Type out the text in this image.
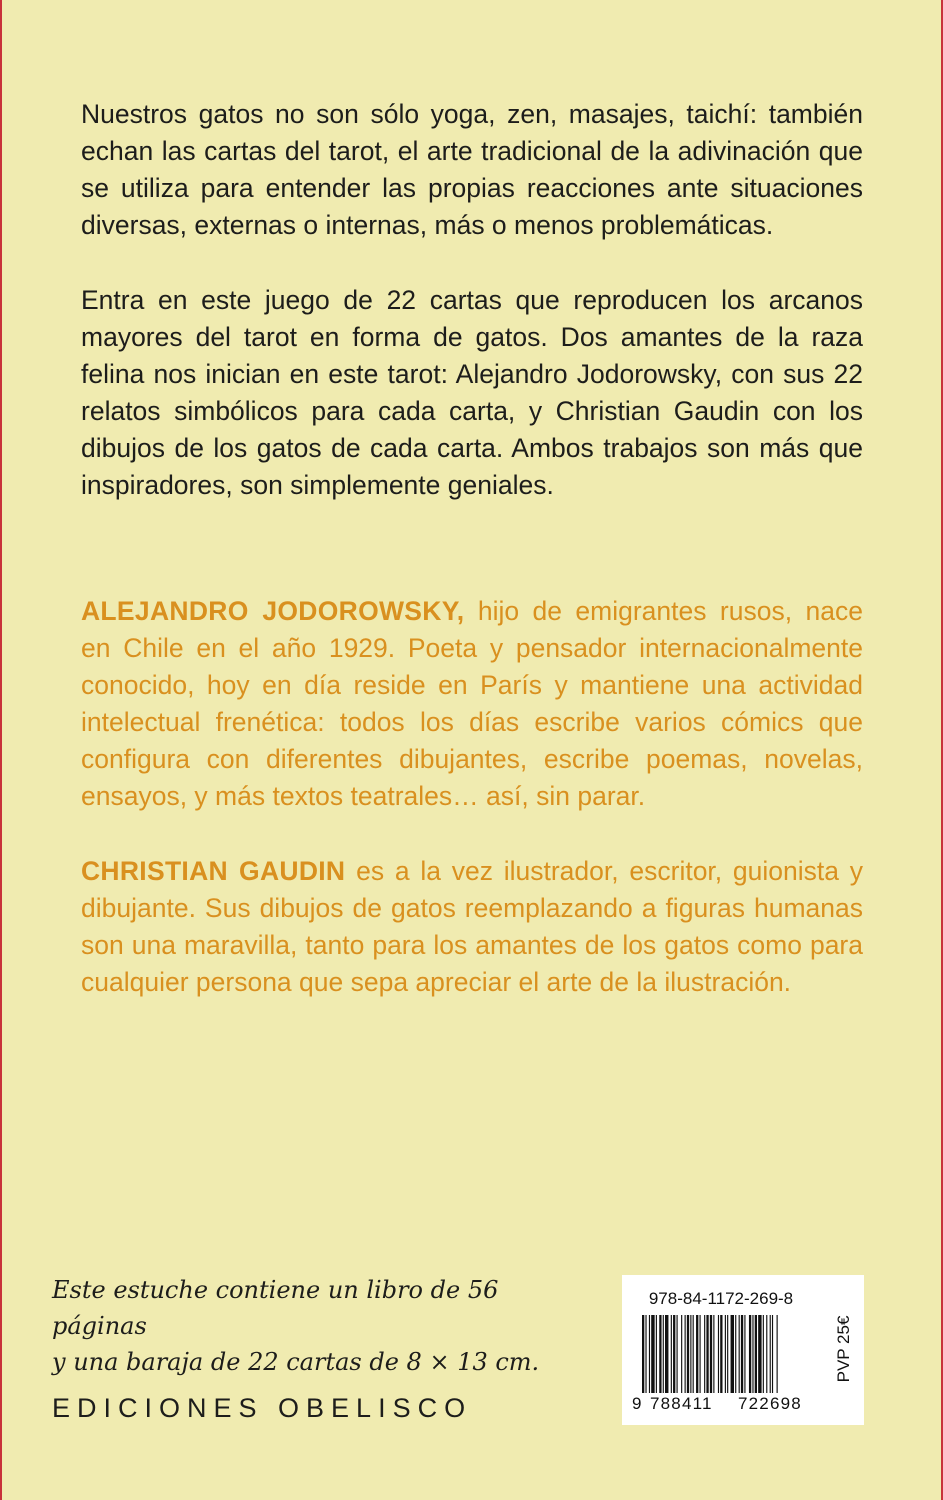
Nuestros gatos no son sólo yoga, zen, masajes, taichí: también echan las cartas del tarot, el arte tradicional de la adivinación que se utiliza para entender las propias reacciones ante situaciones diversas, externas o internas, más o menos problemáticas.

Entra en este juego de 22 cartas que reproducen los arcanos mayores del tarot en forma de gatos. Dos amantes de la raza felina nos inician en este tarot: Alejandro Jodorowsky, con sus 22 relatos simbólicos para cada carta, y Christian Gaudin con los dibujos de los gatos de cada carta. Ambos trabajos son más que inspiradores, son simplemente geniales.

ALEJANDRO JODOROWSKY, hijo de emigrantes rusos, nace en Chile en el año 1929. Poeta y pensador internacionalmente conocido, hoy en día reside en París y mantiene una actividad intelectual frenética: todos los días escribe varios cómics que configura con diferentes dibujantes, escribe poemas, novelas, ensayos, y más textos teatrales… así, sin parar.

CHRISTIAN GAUDIN es a la vez ilustrador, escritor, guionista y dibujante. Sus dibujos de gatos reemplazando a figuras humanas son una maravilla, tanto para los amantes de los gatos como para cualquier persona que sepa apreciar el arte de la ilustración.

Este estuche contiene un libro de 56 páginas
y una baraja de 22 cartas de 8 × 13 cm.

EDICIONES OBELISCO
978-84-1172-269-8
9 788411 722698
PVP 25€
